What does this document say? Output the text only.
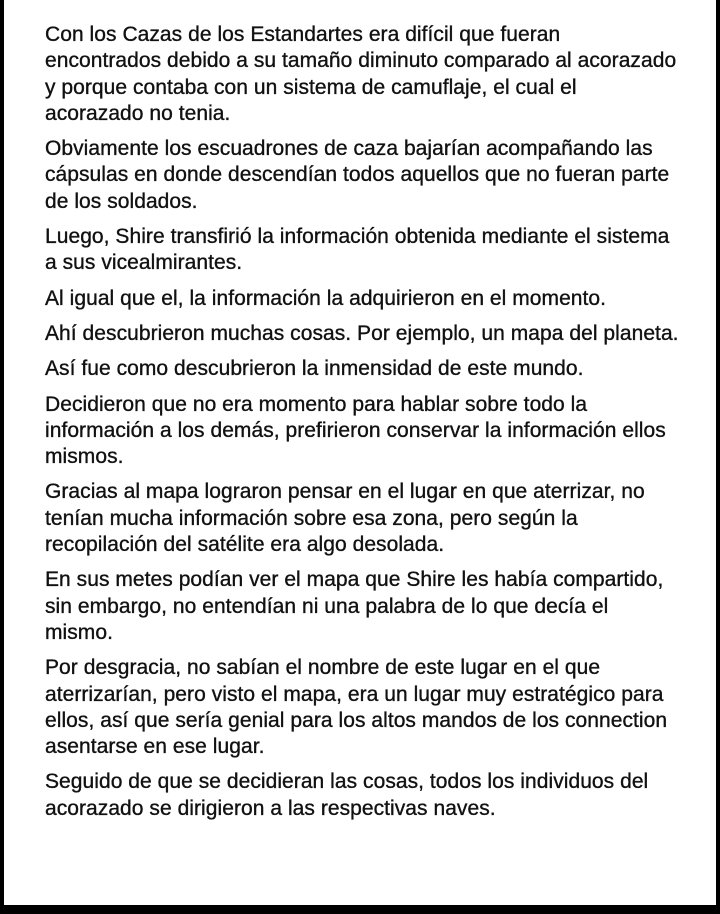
Con los Cazas de los Estandartes era difícil que fueran encontrados debido a su tamaño diminuto comparado al acorazado y porque contaba con un sistema de camuflaje, el cual el acorazado no tenia.

Obviamente los escuadrones de caza bajarían acompañando las cápsulas en donde descendían todos aquellos que no fueran parte de los soldados.

Luego, Shire transfirió la información obtenida mediante el sistema a sus vicealmirantes.

Al igual que el, la información la adquirieron en el momento.

Ahí descubrieron muchas cosas. Por ejemplo, un mapa del planeta.

Así fue como descubrieron la inmensidad de este mundo.

Decidieron que no era momento para hablar sobre todo la información a los demás, prefirieron conservar la información ellos mismos.

Gracias al mapa lograron pensar en el lugar en que aterrizar, no tenían mucha información sobre esa zona, pero según la recopilación del satélite era algo desolada.

En sus metes podían ver el mapa que Shire les había compartido, sin embargo, no entendían ni una palabra de lo que decía el mismo.

Por desgracia, no sabían el nombre de este lugar en el que aterrizarían, pero visto el mapa, era un lugar muy estratégico para ellos, así que sería genial para los altos mandos de los connection asentarse en ese lugar.

Seguido de que se decidieran las cosas, todos los individuos del acorazado se dirigieron a las respectivas naves.
